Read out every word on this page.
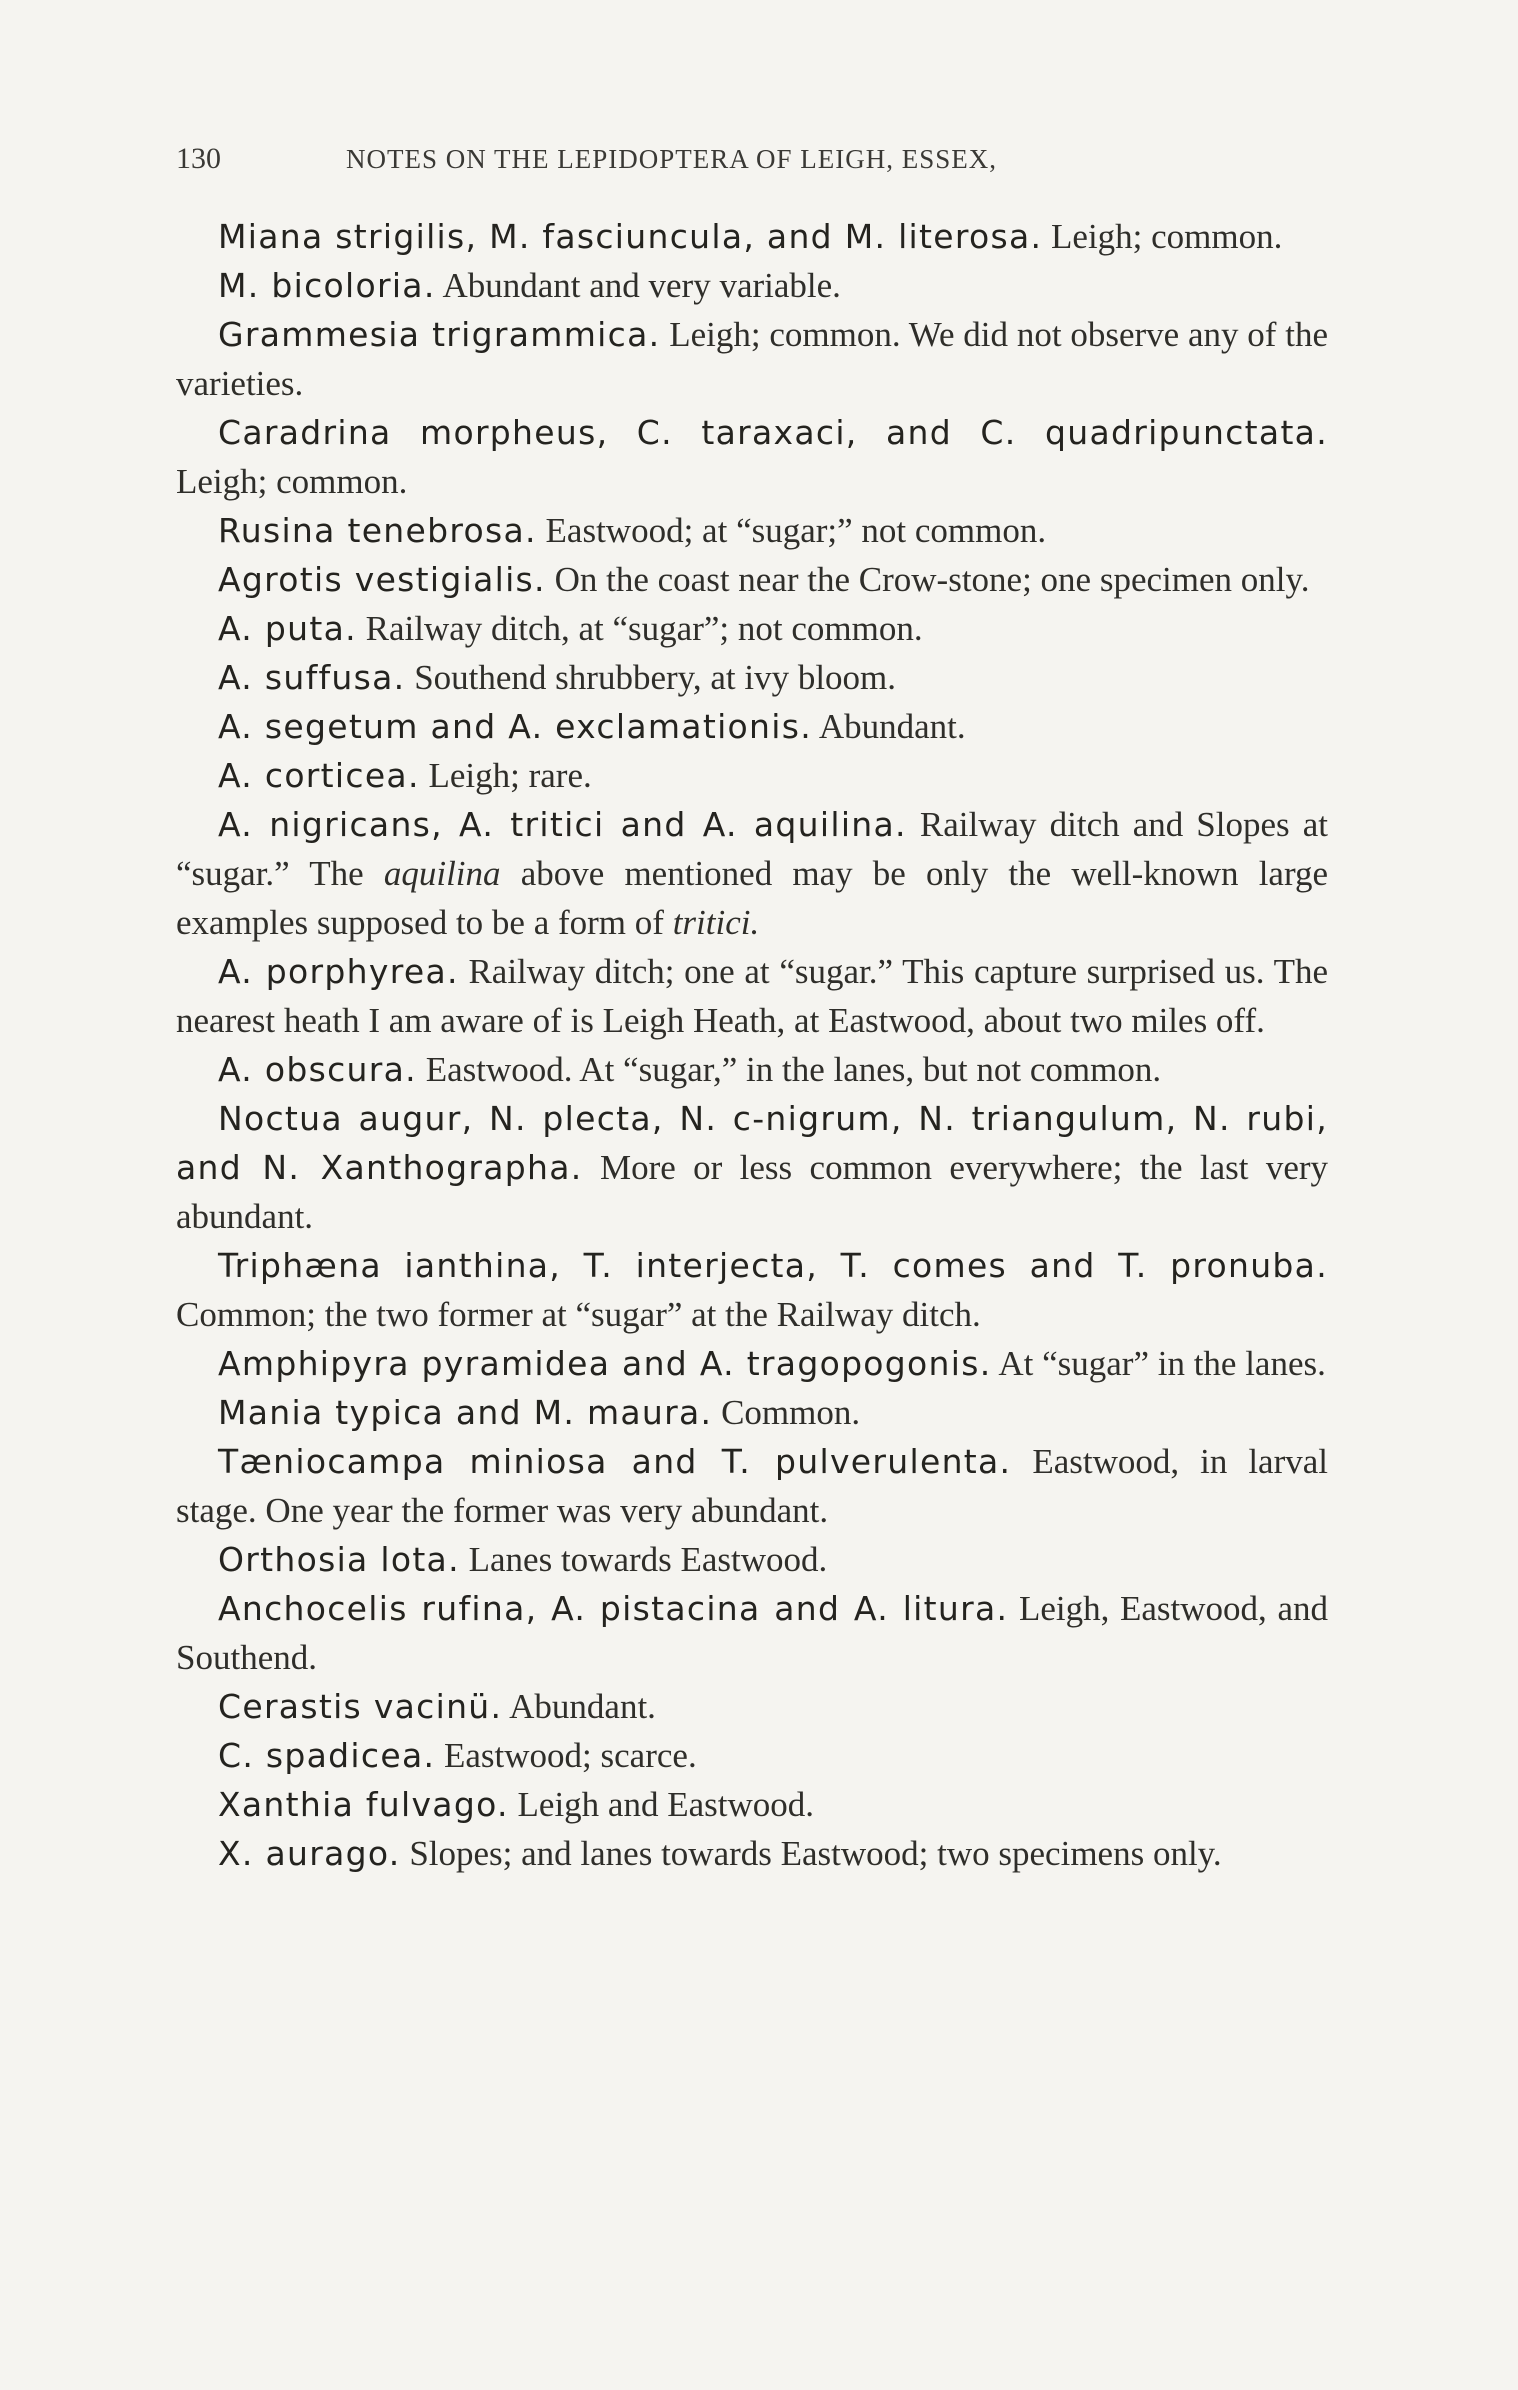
130	NOTES ON THE LEPIDOPTERA OF LEIGH, ESSEX,

Miana strigilis, M. fasciuncula, and M. literosa. Leigh; common.

M. bicoloria. Abundant and very variable.

Grammesia trigrammica. Leigh; common. We did not observe any of the varieties.

Caradrina morpheus, C. taraxaci, and C. quadripunctata. Leigh; common.

Rusina tenebrosa. Eastwood; at “sugar;” not common.

Agrotis vestigialis. On the coast near the Crow-stone; one specimen only.

A. puta. Railway ditch, at “sugar”; not common.

A. suffusa. Southend shrubbery, at ivy bloom.

A. segetum and A. exclamationis. Abundant.

A. corticea. Leigh; rare.

A. nigricans, A. tritici and A. aquilina. Railway ditch and Slopes at “sugar.” The aquilina above mentioned may be only the well-known large examples supposed to be a form of tritici.

A. porphyrea. Railway ditch; one at “sugar.” This capture surprised us. The nearest heath I am aware of is Leigh Heath, at Eastwood, about two miles off.

A. obscura. Eastwood. At “sugar,” in the lanes, but not common.

Noctua augur, N. plecta, N. c-nigrum, N. triangulum, N. rubi, and N. Xanthographa. More or less common everywhere; the last very abundant.

Triphæna ianthina, T. interjecta, T. comes and T. pronuba. Common; the two former at “sugar” at the Railway ditch.

Amphipyra pyramidea and A. tragopogonis. At “sugar” in the lanes.

Mania typica and M. maura. Common.

Tæniocampa miniosa and T. pulverulenta. Eastwood, in larval stage. One year the former was very abundant.

Orthosia lota. Lanes towards Eastwood.

Anchocelis rufina, A. pistacina and A. litura. Leigh, Eastwood, and Southend.

Cerastis vacinü. Abundant.

C. spadicea. Eastwood; scarce.

Xanthia fulvago. Leigh and Eastwood.

X. aurago. Slopes; and lanes towards Eastwood; two specimens only.
